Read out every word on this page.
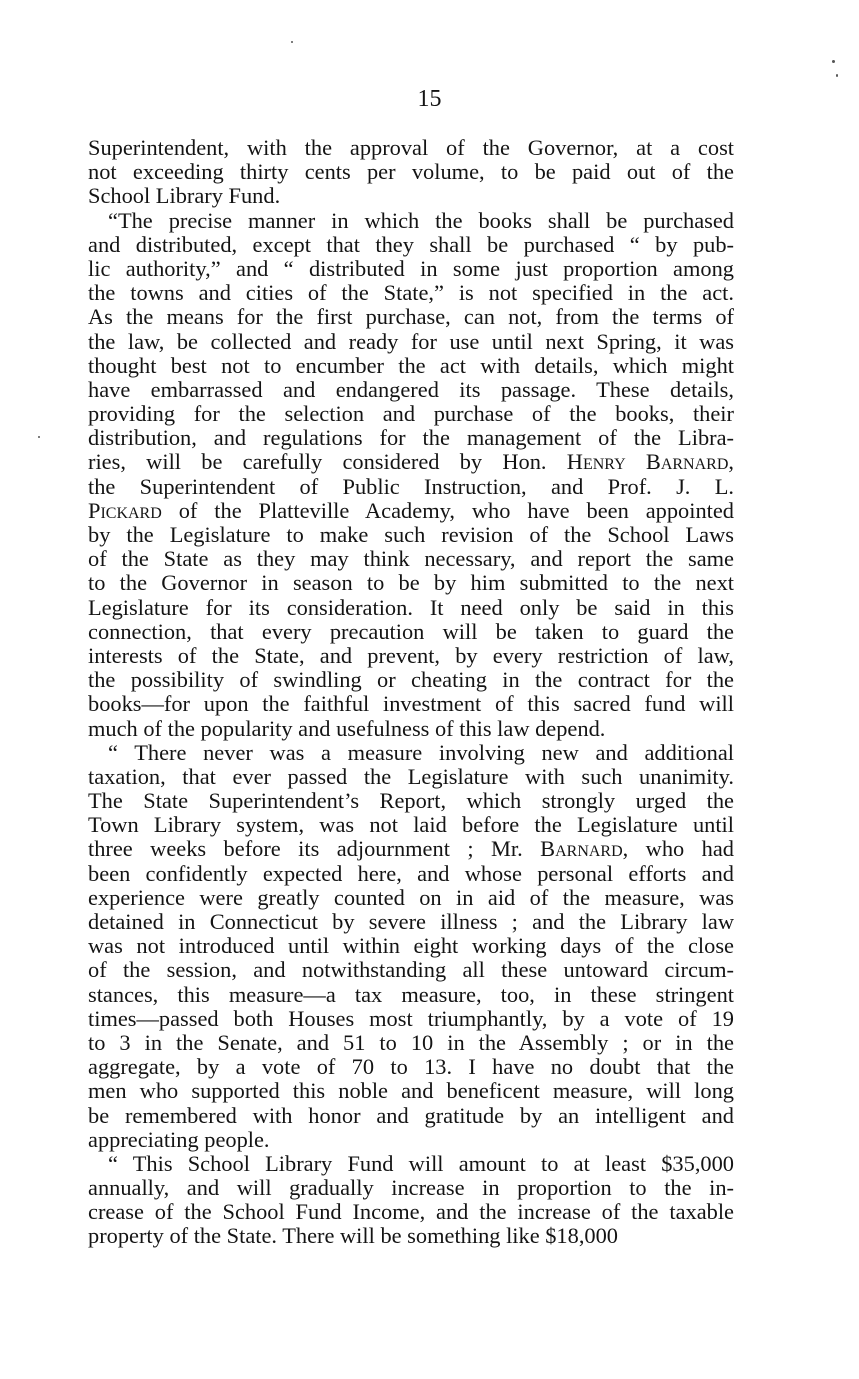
15
Superintendent, with the approval of the Governor, at a cost
not exceeding thirty cents per volume, to be paid out of the
School Library Fund.
“The precise manner in which the books shall be purchased
and distributed, except that they shall be purchased “ by pub-
lic authority,” and “ distributed in some just proportion among
the towns and cities of the State,” is not specified in the act.
As the means for the first purchase, can not, from the terms of
the law, be collected and ready for use until next Spring, it was
thought best not to encumber the act with details, which might
have embarrassed and endangered its passage. These details,
providing for the selection and purchase of the books, their
distribution, and regulations for the management of the Libra-
ries, will be carefully considered by Hon. Henry Barnard,
the Superintendent of Public Instruction, and Prof. J. L.
Pickard of the Platteville Academy, who have been appointed
by the Legislature to make such revision of the School Laws
of the State as they may think necessary, and report the same
to the Governor in season to be by him submitted to the next
Legislature for its consideration. It need only be said in this
connection, that every precaution will be taken to guard the
interests of the State, and prevent, by every restriction of law,
the possibility of swindling or cheating in the contract for the
books—for upon the faithful investment of this sacred fund will
much of the popularity and usefulness of this law depend.
“ There never was a measure involving new and additional
taxation, that ever passed the Legislature with such unanimity.
The State Superintendent’s Report, which strongly urged the
Town Library system, was not laid before the Legislature until
three weeks before its adjournment ; Mr. Barnard, who had
been confidently expected here, and whose personal efforts and
experience were greatly counted on in aid of the measure, was
detained in Connecticut by severe illness ; and the Library law
was not introduced until within eight working days of the close
of the session, and notwithstanding all these untoward circum-
stances, this measure—a tax measure, too, in these stringent
times—passed both Houses most triumphantly, by a vote of 19
to 3 in the Senate, and 51 to 10 in the Assembly ; or in the
aggregate, by a vote of 70 to 13. I have no doubt that the
men who supported this noble and beneficent measure, will long
be remembered with honor and gratitude by an intelligent and
appreciating people.
“ This School Library Fund will amount to at least $35,000
annually, and will gradually increase in proportion to the in-
crease of the School Fund Income, and the increase of the taxable
property of the State. There will be something like $18,000
